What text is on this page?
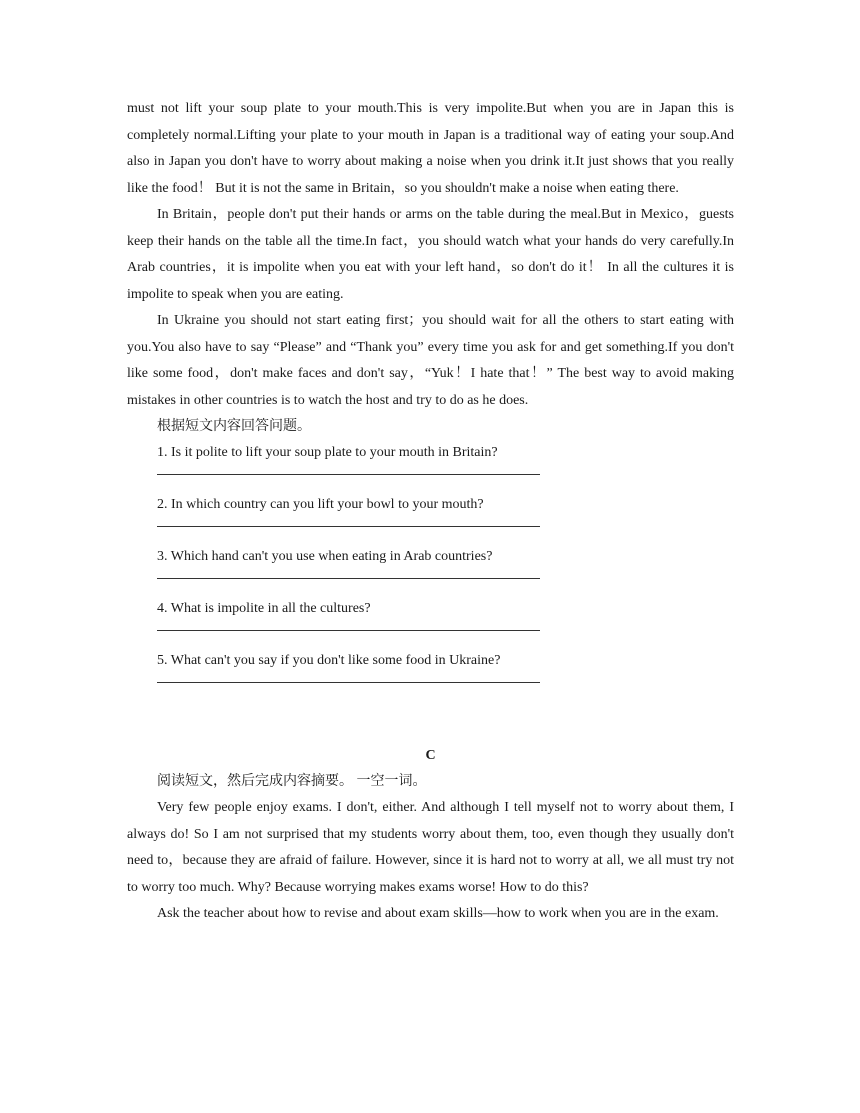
must not lift your soup plate to your mouth.This is very impolite.But when you are in Japan this is completely normal.Lifting your plate to your mouth in Japan is a traditional way of eating your soup.And also in Japan you don't have to worry about making a noise when you drink it.It just shows that you really like the food！ But it is not the same in Britain，so you shouldn't make a noise when eating there.

In Britain，people don't put their hands or arms on the table during the meal.But in Mexico，guests keep their hands on the table all the time.In fact，you should watch what your hands do very carefully.In Arab countries，it is impolite when you eat with your left hand，so don't do it！ In all the cultures it is impolite to speak when you are eating.

In Ukraine you should not start eating first；you should wait for all the others to start eating with you.You also have to say “Please” and “Thank you” every time you ask for and get something.If you don't like some food，don't make faces and don't say，“Yuk！I hate that！” The best way to avoid making mistakes in other countries is to watch the host and try to do as he does.

根据短文内容回答问题。

1. Is it polite to lift your soup plate to your mouth in Britain?
2. In which country can you lift your bowl to your mouth?
3. Which hand can't you use when eating in Arab countries?
4. What is impolite in all the cultures?
5. What can't you say if you don't like some food in Ukraine?

C

阅读短文，然后完成内容摘要。 一空一词。

Very few people enjoy exams. I don't, either. And although I tell myself not to worry about them, I always do! So I am not surprised that my students worry about them, too, even though they usually don't need to，because they are afraid of failure. However, since it is hard not to worry at all, we all must try not to worry too much. Why? Because worrying makes exams worse! How to do this?

Ask the teacher about how to revise and about exam skills—how to work when you are in the exam.
